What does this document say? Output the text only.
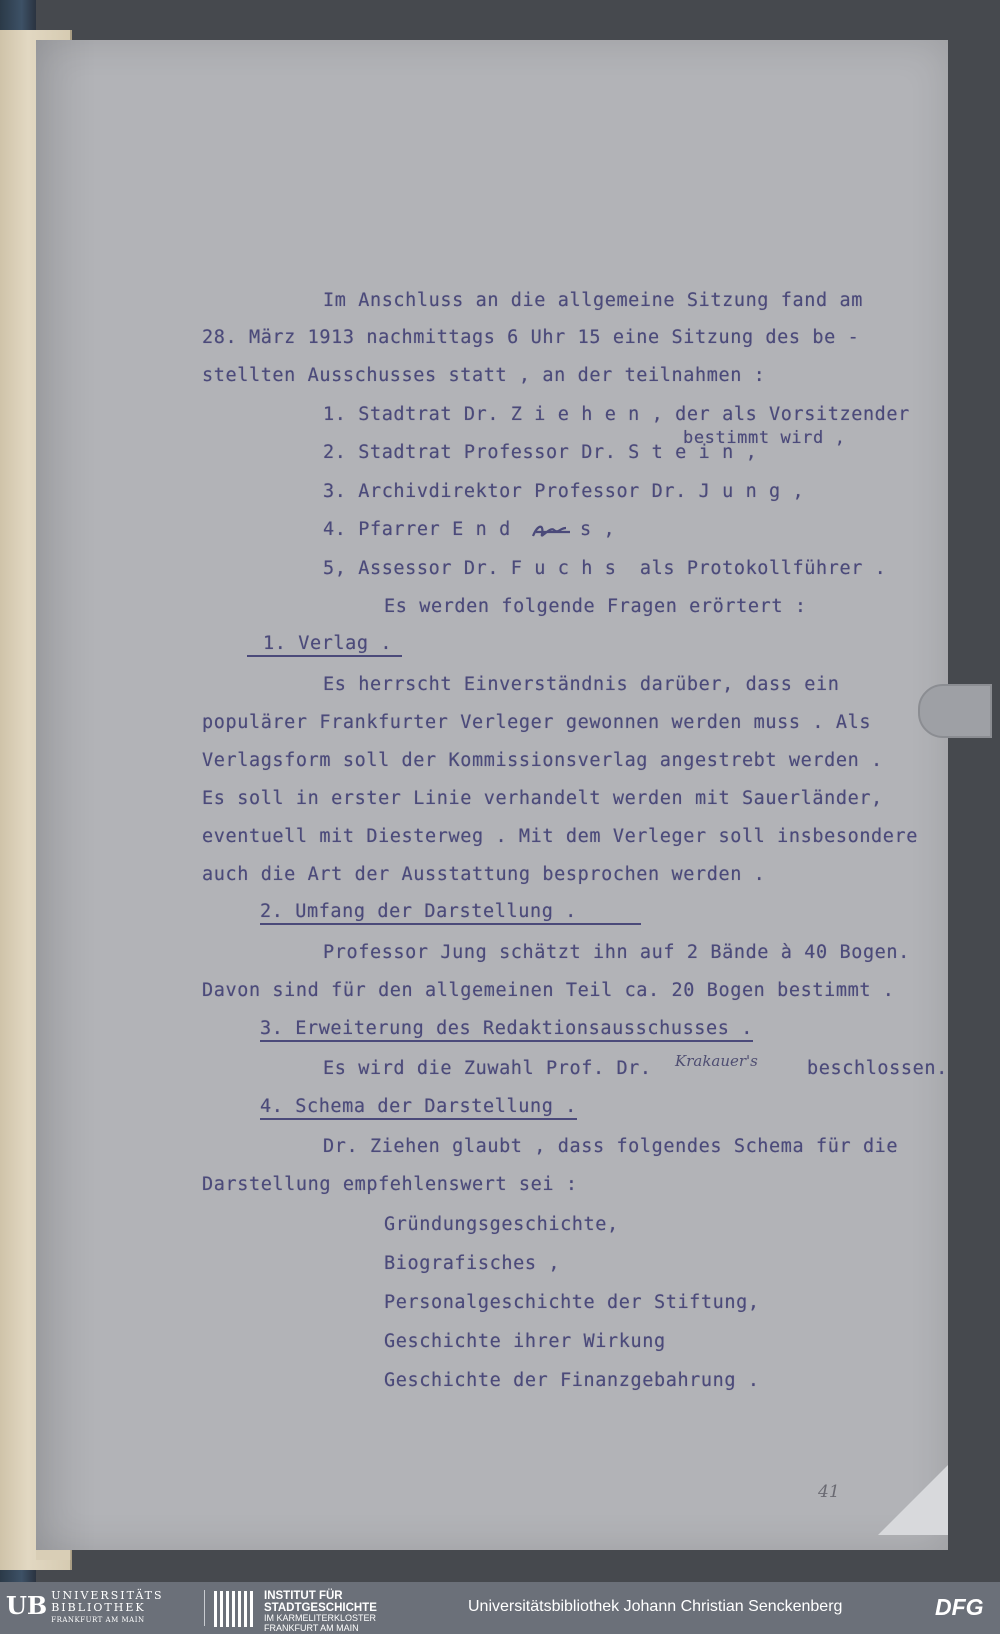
Im Anschluss an die allgemeine Sitzung fand am
28. März 1913 nachmittags 6 Uhr 15 eine Sitzung des be -
stellten Ausschusses statt , an der teilnahmen :
1. Stadtrat Dr. Z i e h e n , der als Vorsitzender
bestimmt wird ,
2. Stadtrat Professor Dr. S t e i n ,
3. Archivdirektor Professor Dr. J u n g ,
4. Pfarrer E n d	s ,
5, Assessor Dr. F u c h s  als Protokollführer .
Es werden folgende Fragen erörtert :
1. Verlag .
Es herrscht Einverständnis darüber, dass ein
populärer Frankfurter Verleger gewonnen werden muss . Als
Verlagsform soll der Kommissionsverlag angestrebt werden .
Es soll in erster Linie verhandelt werden mit Sauerländer,
eventuell mit Diesterweg . Mit dem Verleger soll insbesondere
auch die Art der Ausstattung besprochen werden .
2. Umfang der Darstellung .
Professor Jung schätzt ihn auf 2 Bände à 40 Bogen.
Davon sind für den allgemeinen Teil ca. 20 Bogen bestimmt .
3. Erweiterung des Redaktionsausschusses .
Es wird die Zuwahl Prof. Dr. Krakauer's	beschlossen.
4. Schema der Darstellung .
Dr. Ziehen glaubt , dass folgendes Schema für die
Darstellung empfehlenswert sei :
Gründungsgeschichte,
Biografisches ,
Personalgeschichte der Stiftung,
Geschichte ihrer Wirkung
Geschichte der Finanzgebahrung .
41
UB UNIVERSITÄTS
BIBLIOTHEK
FRANKFURT AM MAIN
INSTITUT FÜR
STADTGESCHICHTE
IM KARMELITERKLOSTER
FRANKFURT AM MAIN
Universitätsbibliothek Johann Christian Senckenberg	DFG
